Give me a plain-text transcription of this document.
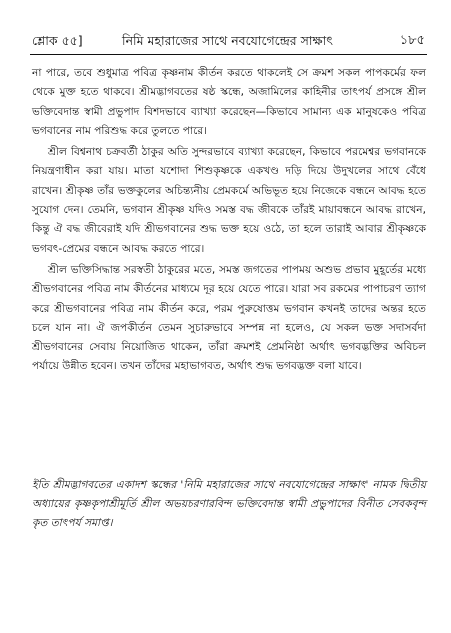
শ্লোক ৫৫]	নিমি মহারাজের সাথে নবযোগেন্দ্রের সাক্ষাৎ	১৮৫

না পারে, তবে শুধুমাত্র পবিত্র কৃষ্ণনাম কীর্তন করতে থাকলেই সে ক্রমশ সকল পাপকর্মের ফল থেকে মুক্ত হতে থাকবে। শ্রীমদ্ভাগবতের ষষ্ঠ স্কন্ধে, অজামিলের কাহিনীর তাৎপর্য প্রসঙ্গে শ্রীল ভক্তিবেদান্ত স্বামী প্রভুপাদ বিশদভাবে ব্যাখ্যা করেছেন—কিভাবে সামান্য এক মানুষকেও পবিত্র ভগবানের নাম পরিশুদ্ধ করে তুলতে পারে।

শ্রীল বিশ্বনাথ চক্রবর্তী ঠাকুর অতি সুন্দরভাবে ব্যাখ্যা করেছেন, কিভাবে পরমেশ্বর ভগবানকে নিয়ন্ত্রণাধীন করা যায়। মাতা যশোদা শিশুকৃষ্ণকে একখণ্ড দড়ি দিয়ে উদুখলের সাথে বেঁধে রাখেন। শ্রীকৃষ্ণ তাঁর ভক্তকুলের অচিন্ত্যনীয় প্রেমকর্মে অভিভূত হয়ে নিজেকে বন্ধনে আবদ্ধ হতে সুযোগ দেন। তেমনি, ভগবান শ্রীকৃষ্ণ যদিও সমস্ত বদ্ধ জীবকে তাঁরই মায়াবন্ধনে আবদ্ধ রাখেন, কিন্তু ঐ বদ্ধ জীবেরাই যদি শ্রীভগবানের শুদ্ধ ভক্ত হয়ে ওঠে, তা হলে তারাই আবার শ্রীকৃষ্ণকে ভগবৎ-প্রেমের বন্ধনে আবদ্ধ করতে পারে।

শ্রীল ভক্তিসিদ্ধান্ত সরস্বতী ঠাকুরের মতে, সমস্ত জগতের পাপময় অশুভ প্রভাব মুহূর্তের মধ্যে শ্রীভগবানের পবিত্র নাম কীর্তনের মাধ্যমে দূর হয়ে যেতে পারে। যারা সব রকমের পাপাচরণ ত্যাগ করে শ্রীভগবানের পবিত্র নাম কীর্তন করে, পরম পুরুষোত্তম ভগবান কখনই তাদের অন্তর হতে চলে যান না। ঐ জপকীর্তন তেমন সুচারুভাবে সম্পন্ন না হলেও, যে সকল ভক্ত সদাসর্বদা শ্রীভগবানের সেবায় নিয়োজিত থাকেন, তাঁরা ক্রমশই প্রেমনিষ্ঠা অর্থাৎ ভগবদ্ভক্তির অবিচল পর্যায়ে উন্নীত হবেন। তখন তাঁদের মহাভাগবত, অর্থাৎ শুদ্ধ ভগবদ্ভক্ত বলা যাবে।

ইতি শ্রীমদ্ভাগবতের একাদশ স্কন্ধের 'নিমি মহারাজের সাথে নবযোগেন্দ্রের সাক্ষাৎ' নামক দ্বিতীয় অধ্যায়ের কৃষ্ণকৃপাশ্রীমূর্তি শ্রীল অভয়চরণারবিন্দ ভক্তিবেদান্ত স্বামী প্রভুপাদের বিনীত সেবকবৃন্দ কৃত তাৎপর্য সমাপ্ত।
